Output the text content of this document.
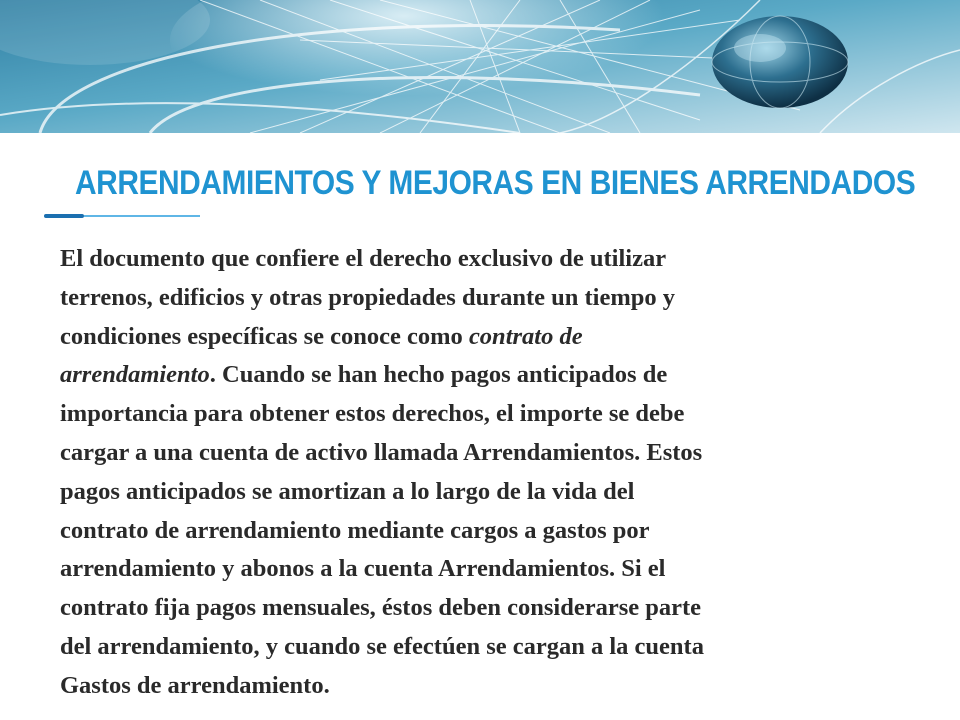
ARRENDAMIENTOS Y MEJORAS EN BIENES ARRENDADOS

El documento que confiere el derecho exclusivo de utilizar
terrenos, edificios y otras propiedades durante un tiempo y
condiciones específicas se conoce como contrato de
arrendamiento. Cuando se han hecho pagos anticipados de
importancia para obtener estos derechos, el importe se debe
cargar a una cuenta de activo llamada Arrendamientos. Estos
pagos anticipados se amortizan a lo largo de la vida del
contrato de arrendamiento mediante cargos a gastos por
arrendamiento y abonos a la cuenta Arrendamientos. Si el
contrato fija pagos mensuales, éstos deben considerarse parte
del arrendamiento, y cuando se efectúen se cargan a la cuenta
Gastos de arrendamiento.
